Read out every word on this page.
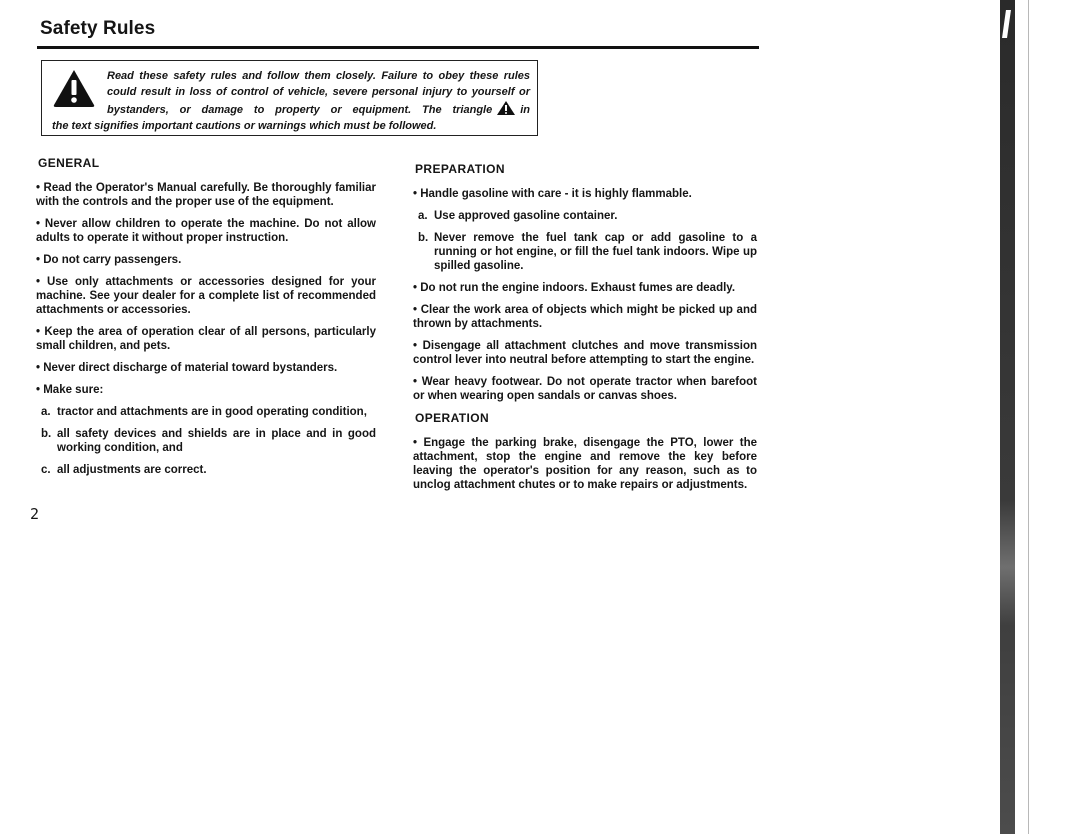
Safety Rules
Read these safety rules and follow them closely. Failure to obey these rules
could result in loss of control of vehicle, severe personal injury to yourself or
bystanders, or damage to property or equipment. The triangle	in
the text signifies important cautions or warnings which must be followed.
GENERAL

• Read the Operator's Manual carefully. Be thoroughly familiar with the controls and the proper use of the equipment.

• Never allow children to operate the machine. Do not allow adults to operate it without proper instruction.

• Do not carry passengers.

• Use only attachments or accessories designed for your machine. See your dealer for a complete list of recommended attachments or accessories.

• Keep the area of operation clear of all persons, particularly small children, and pets.

• Never direct discharge of material toward bystanders.

• Make sure:

a. tractor and attachments are in good operating condition,
b. all safety devices and shields are in place and in good working condition, and
c. all adjustments are correct.
PREPARATION

• Handle gasoline with care - it is highly flammable.

a. Use approved gasoline container.
b. Never remove the fuel tank cap or add gasoline to a running or hot engine, or fill the fuel tank indoors. Wipe up spilled gasoline.

• Do not run the engine indoors. Exhaust fumes are deadly.

• Clear the work area of objects which might be picked up and thrown by attachments.

• Disengage all attachment clutches and move transmission control lever into neutral before attempting to start the engine.

• Wear heavy footwear. Do not operate tractor when barefoot or when wearing open sandals or canvas shoes.

OPERATION

• Engage the parking brake, disengage the PTO, lower the attachment, stop the engine and remove the key before leaving the operator's position for any reason, such as to unclog attachment chutes or to make repairs or adjustments.

2
